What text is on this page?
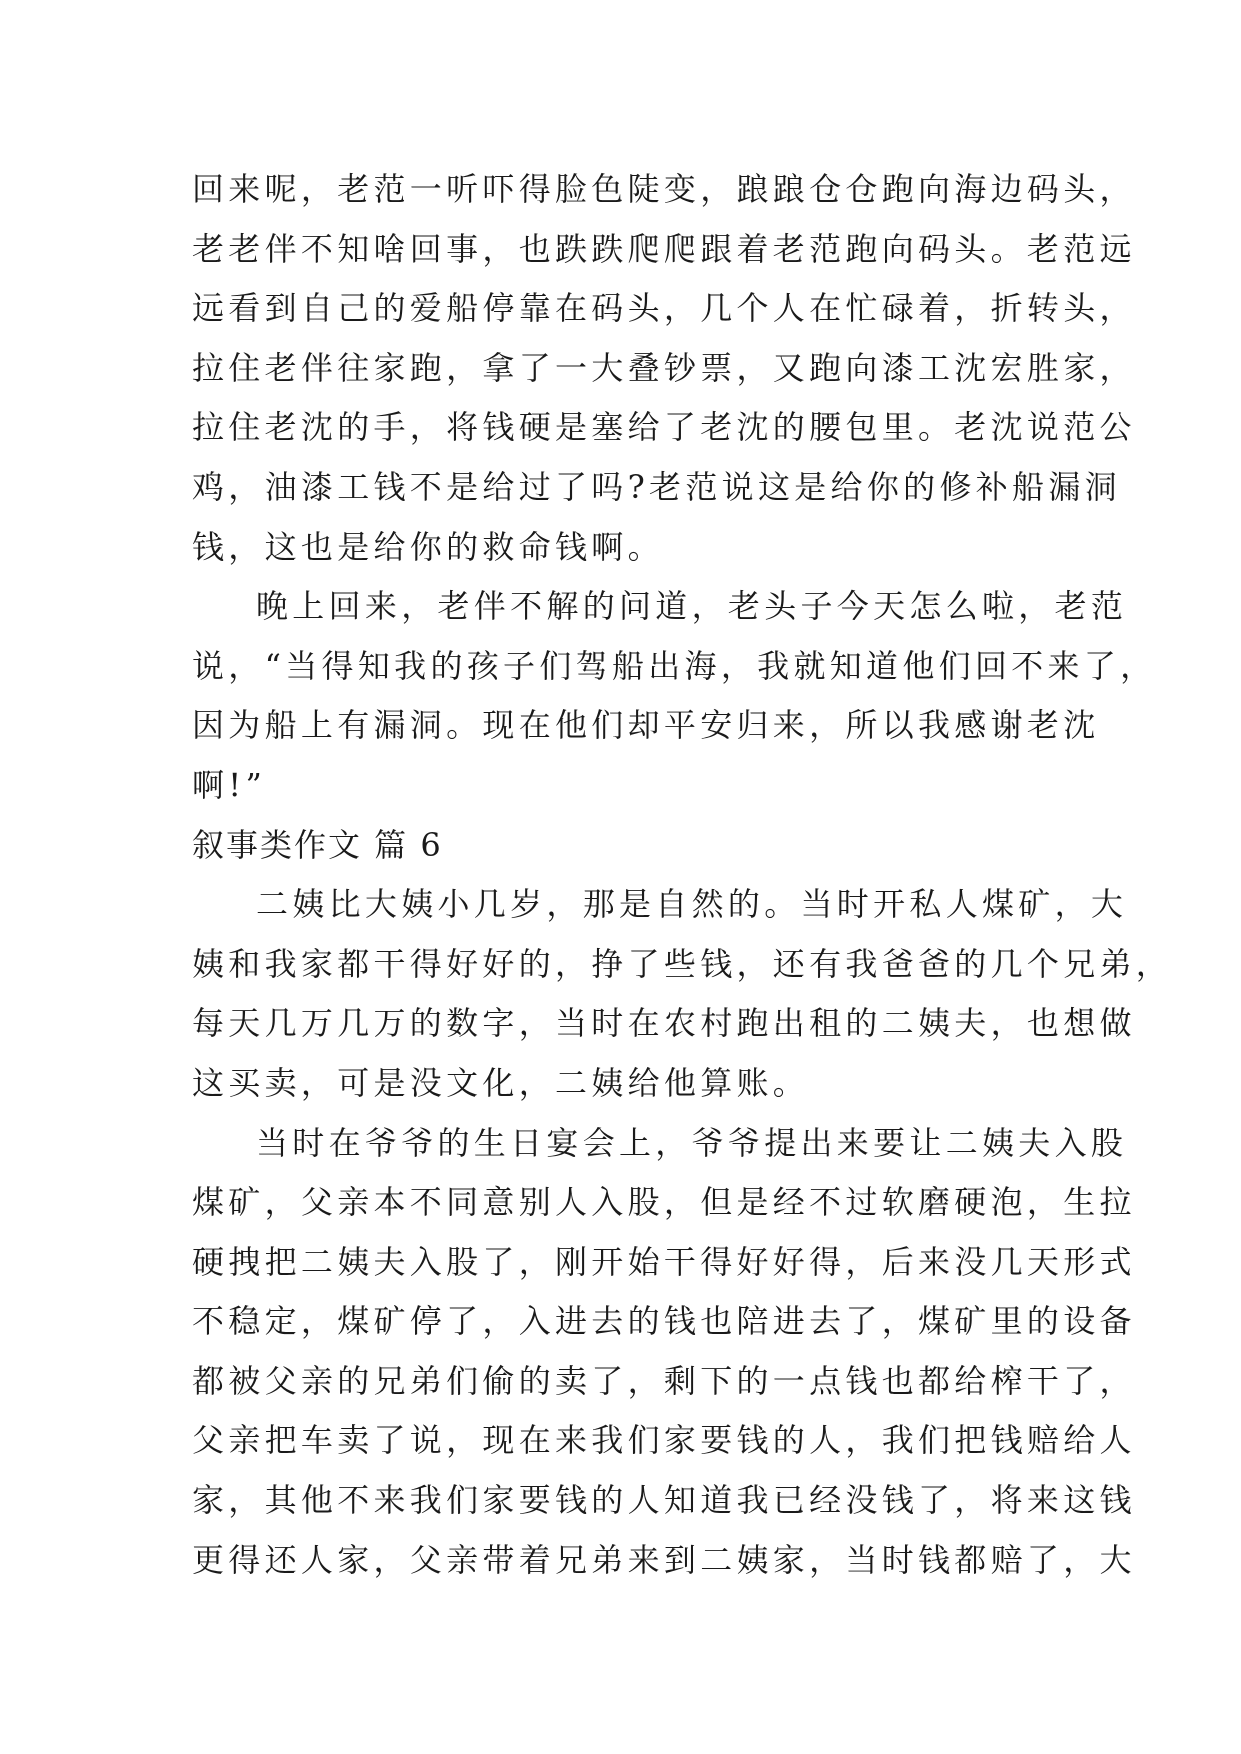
回来呢，老范一听吓得脸色陡变，踉踉仓仓跑向海边码头，
老老伴不知啥回事，也跌跌爬爬跟着老范跑向码头。老范远
远看到自己的爱船停靠在码头，几个人在忙碌着，折转头，
拉住老伴往家跑，拿了一大叠钞票，又跑向漆工沈宏胜家，
拉住老沈的手，将钱硬是塞给了老沈的腰包里。老沈说范公
鸡，油漆工钱不是给过了吗?老范说这是给你的修补船漏洞
钱，这也是给你的救命钱啊。
晚上回来，老伴不解的问道，老头子今天怎么啦，老范
说，“当得知我的孩子们驾船出海，我就知道他们回不来了，
因为船上有漏洞。现在他们却平安归来，所以我感谢老沈
啊!”
叙事类作文 篇 6
二姨比大姨小几岁，那是自然的。当时开私人煤矿，大
姨和我家都干得好好的，挣了些钱，还有我爸爸的几个兄弟，
每天几万几万的数字，当时在农村跑出租的二姨夫，也想做
这买卖，可是没文化，二姨给他算账。
当时在爷爷的生日宴会上，爷爷提出来要让二姨夫入股
煤矿，父亲本不同意别人入股，但是经不过软磨硬泡，生拉
硬拽把二姨夫入股了，刚开始干得好好得，后来没几天形式
不稳定，煤矿停了，入进去的钱也陪进去了，煤矿里的设备
都被父亲的兄弟们偷的卖了，剩下的一点钱也都给榨干了，
父亲把车卖了说，现在来我们家要钱的人，我们把钱赔给人
家，其他不来我们家要钱的人知道我已经没钱了，将来这钱
更得还人家，父亲带着兄弟来到二姨家，当时钱都赔了，大
